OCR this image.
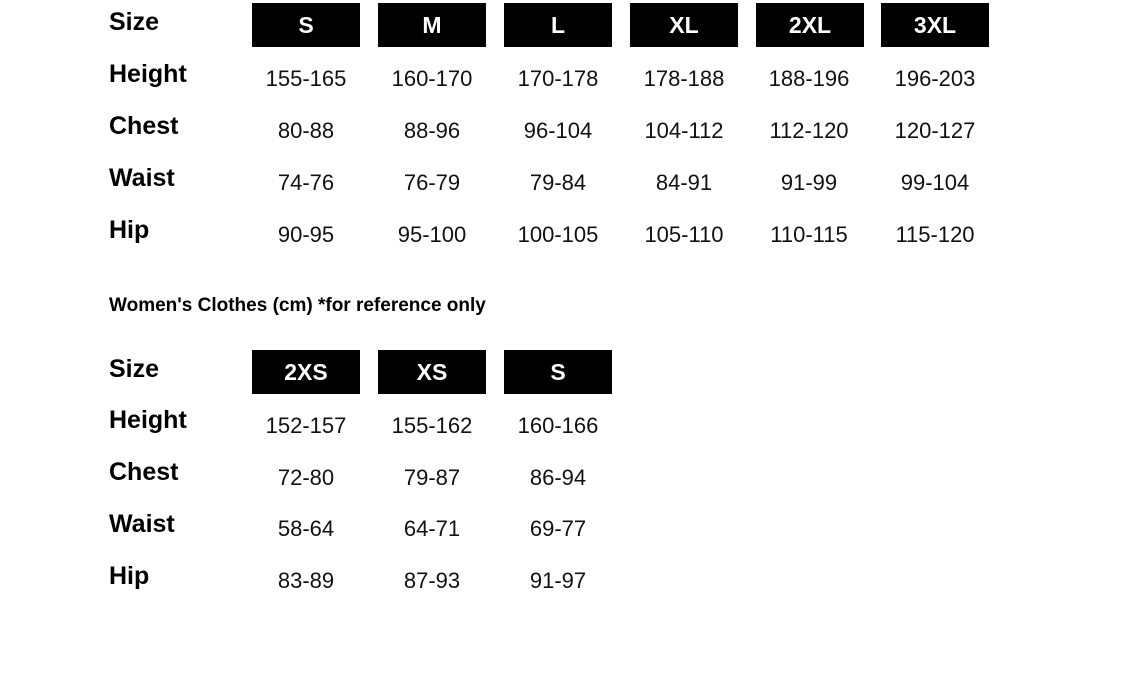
Size	S	M	L	XL	2XL	3XL
Height	155-165	160-170	170-178	178-188	188-196	196-203
Chest	80-88	88-96	96-104	104-112	112-120	120-127
Waist	74-76	76-79	79-84	84-91	91-99	99-104
Hip	90-95	95-100	100-105	105-110	110-115	115-120
Women's Clothes (cm) *for reference only
Size	2XS	XS	S
Height	152-157	155-162	160-166
Chest	72-80	79-87	86-94
Waist	58-64	64-71	69-77
Hip	83-89	87-93	91-97
